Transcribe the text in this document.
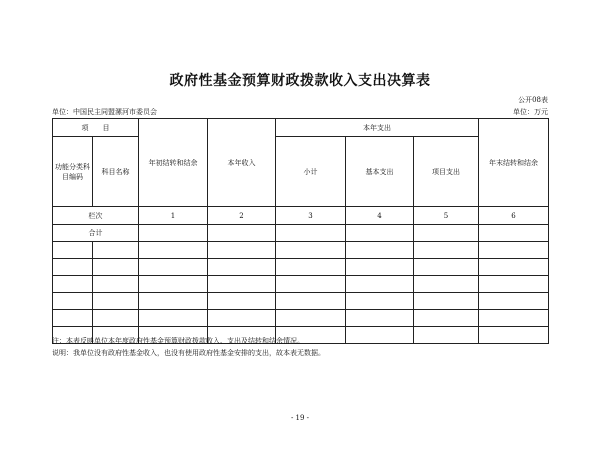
政府性基金预算财政拨款收入支出决算表
公开08表
单位：中国民主同盟漯河市委员会	单位：万元
项　　目		年初结转和结余	本年收入	本年支出			年末结转和结余
功能分类科目编码	科目名称			小计	基本支出	项目支出	
栏次		1	2	3	4	5	6
合计							

注：本表反映单位本年度政府性基金预算财政拨款收入、支出及结转和结余情况。
说明：我单位没有政府性基金收入，也没有使用政府性基金安排的支出，故本表无数据。
- 19 -
